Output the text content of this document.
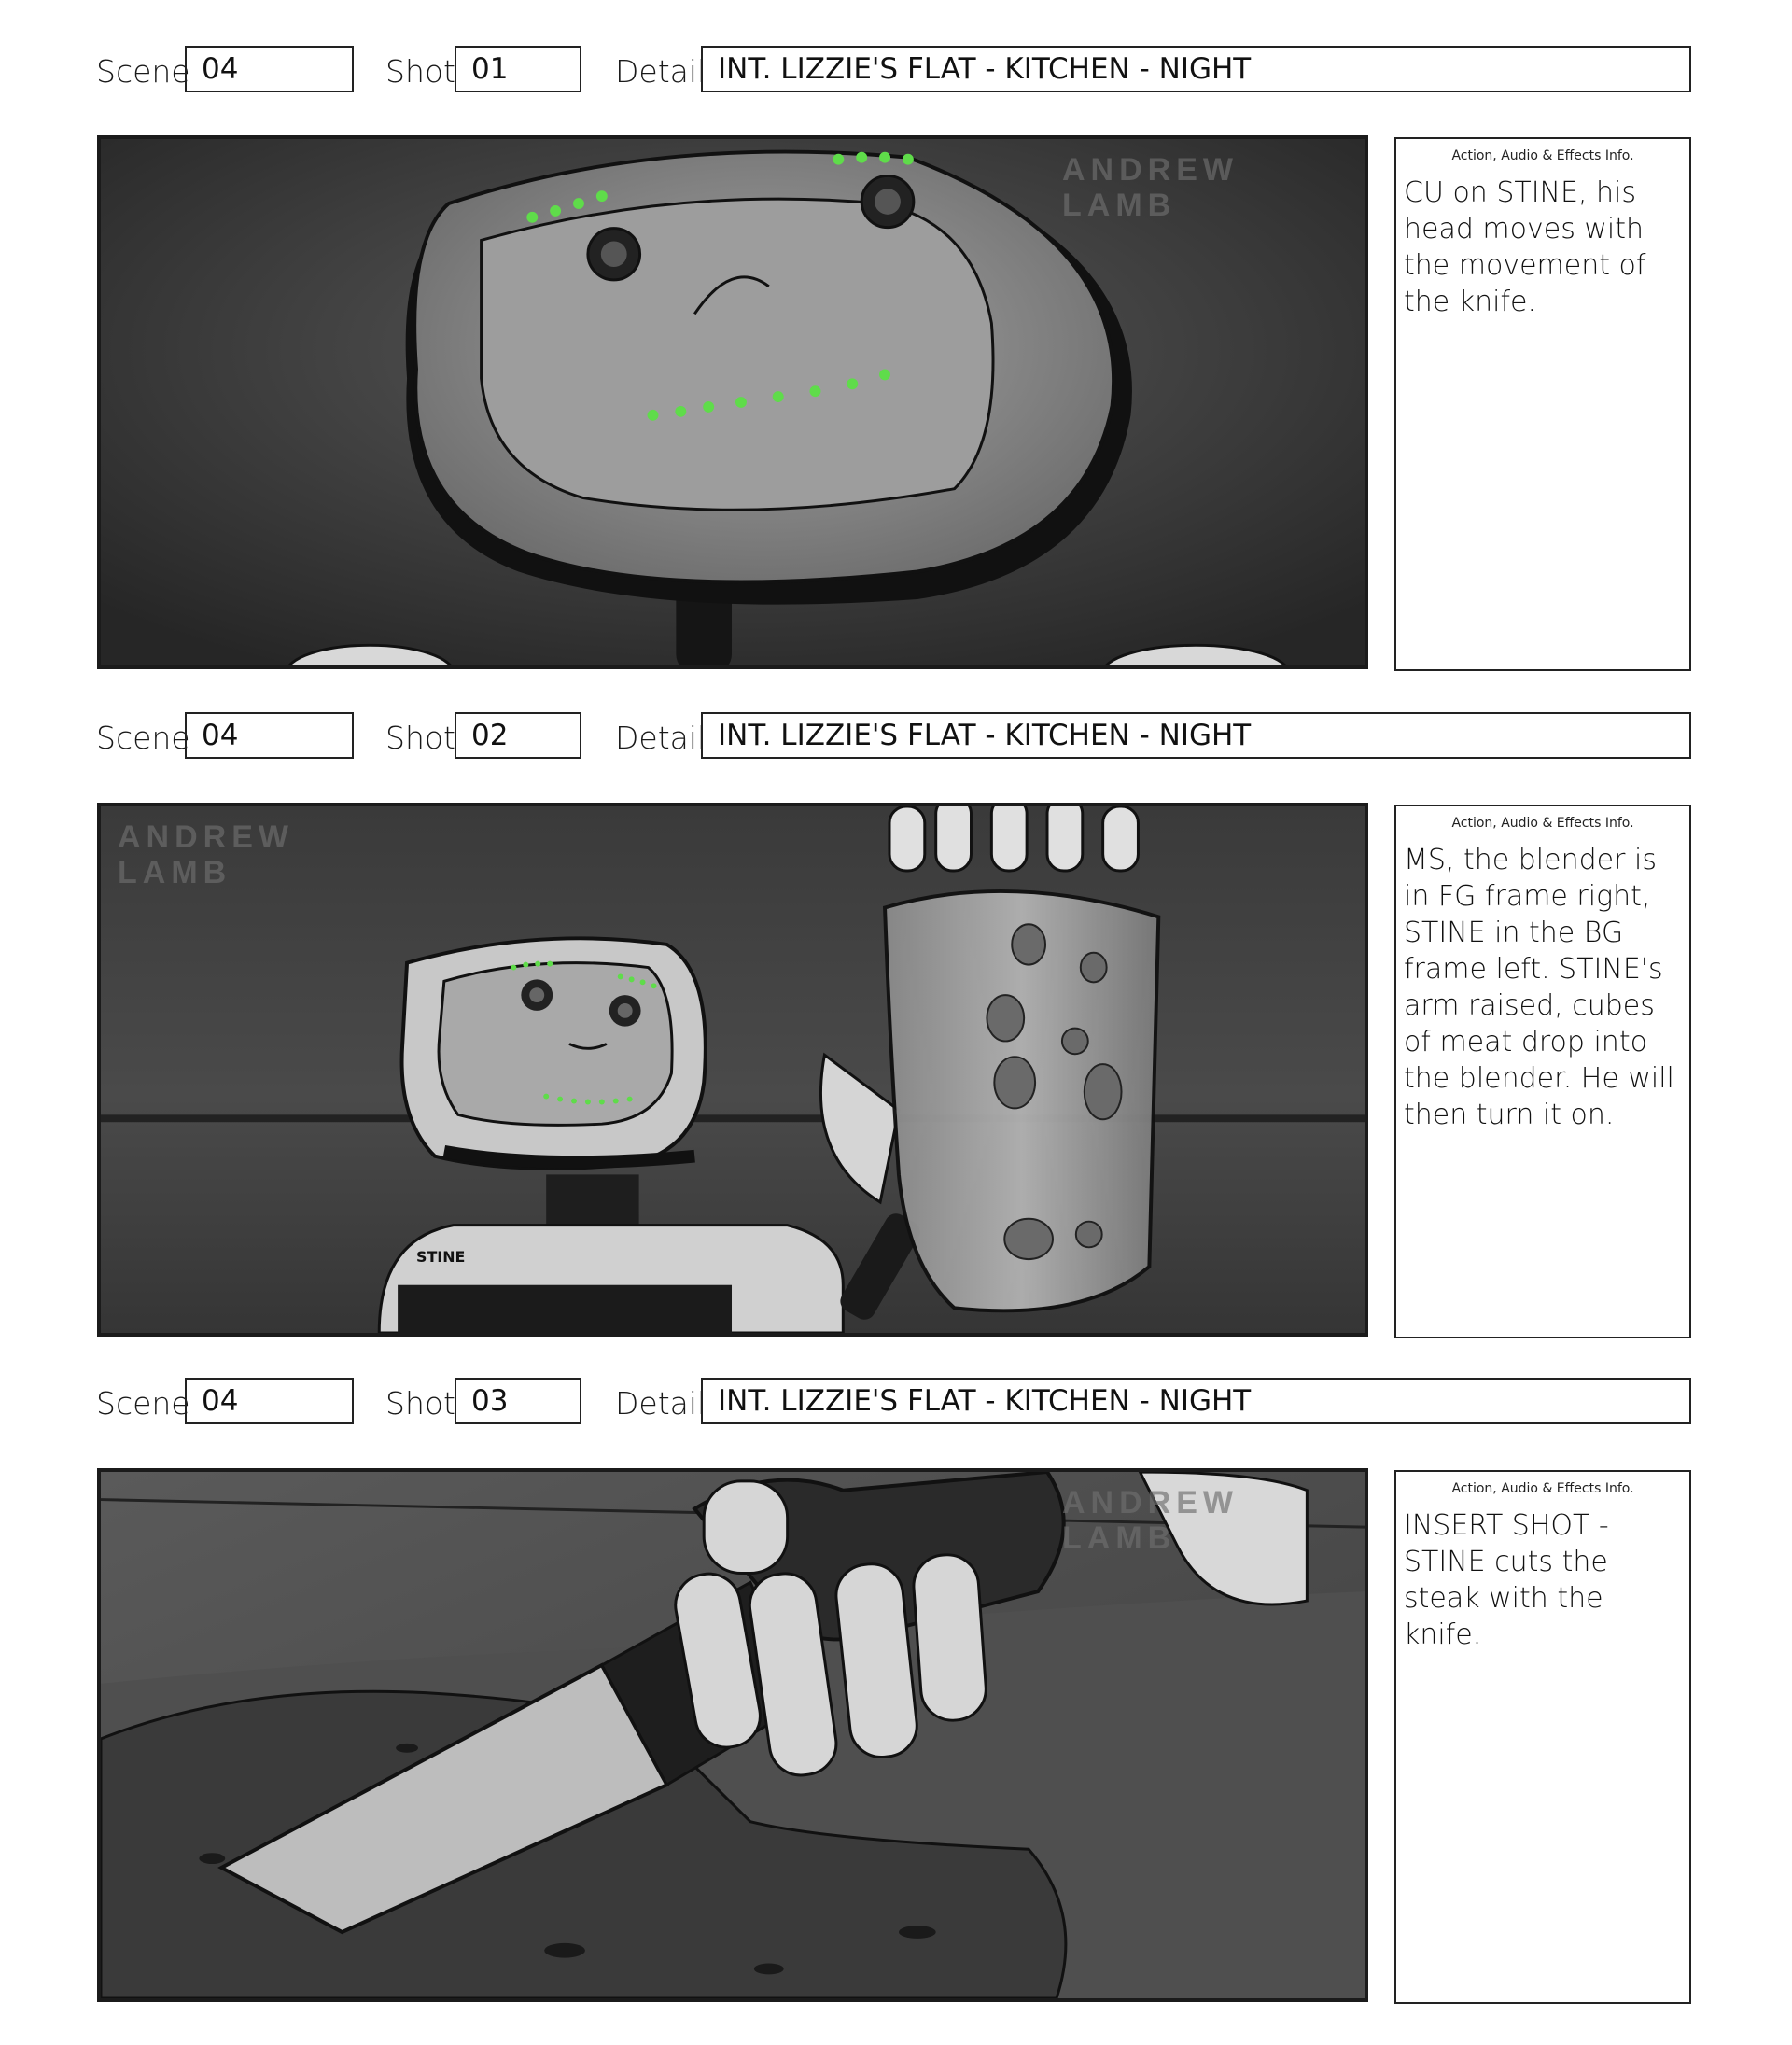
Scene 04	Shot 01	Detail INT. LIZZIE'S FLAT - KITCHEN - NIGHT
ANDREW
LAMB
Action, Audio & Effects Info.
CU on STINE, his head moves with the movement of the knife.
Scene 04	Shot 02	Detail INT. LIZZIE'S FLAT - KITCHEN - NIGHT
STINE
ANDREW
LAMB
Action, Audio & Effects Info.
MS, the blender is in FG frame right, STINE in the BG frame left. STINE's arm raised, cubes of meat drop into the blender. He will then turn it on.
Scene 04	Shot 03	Detail INT. LIZZIE'S FLAT - KITCHEN - NIGHT
ANDREW
LAMB
Action, Audio & Effects Info.
INSERT SHOT - STINE cuts the steak with the knife.
